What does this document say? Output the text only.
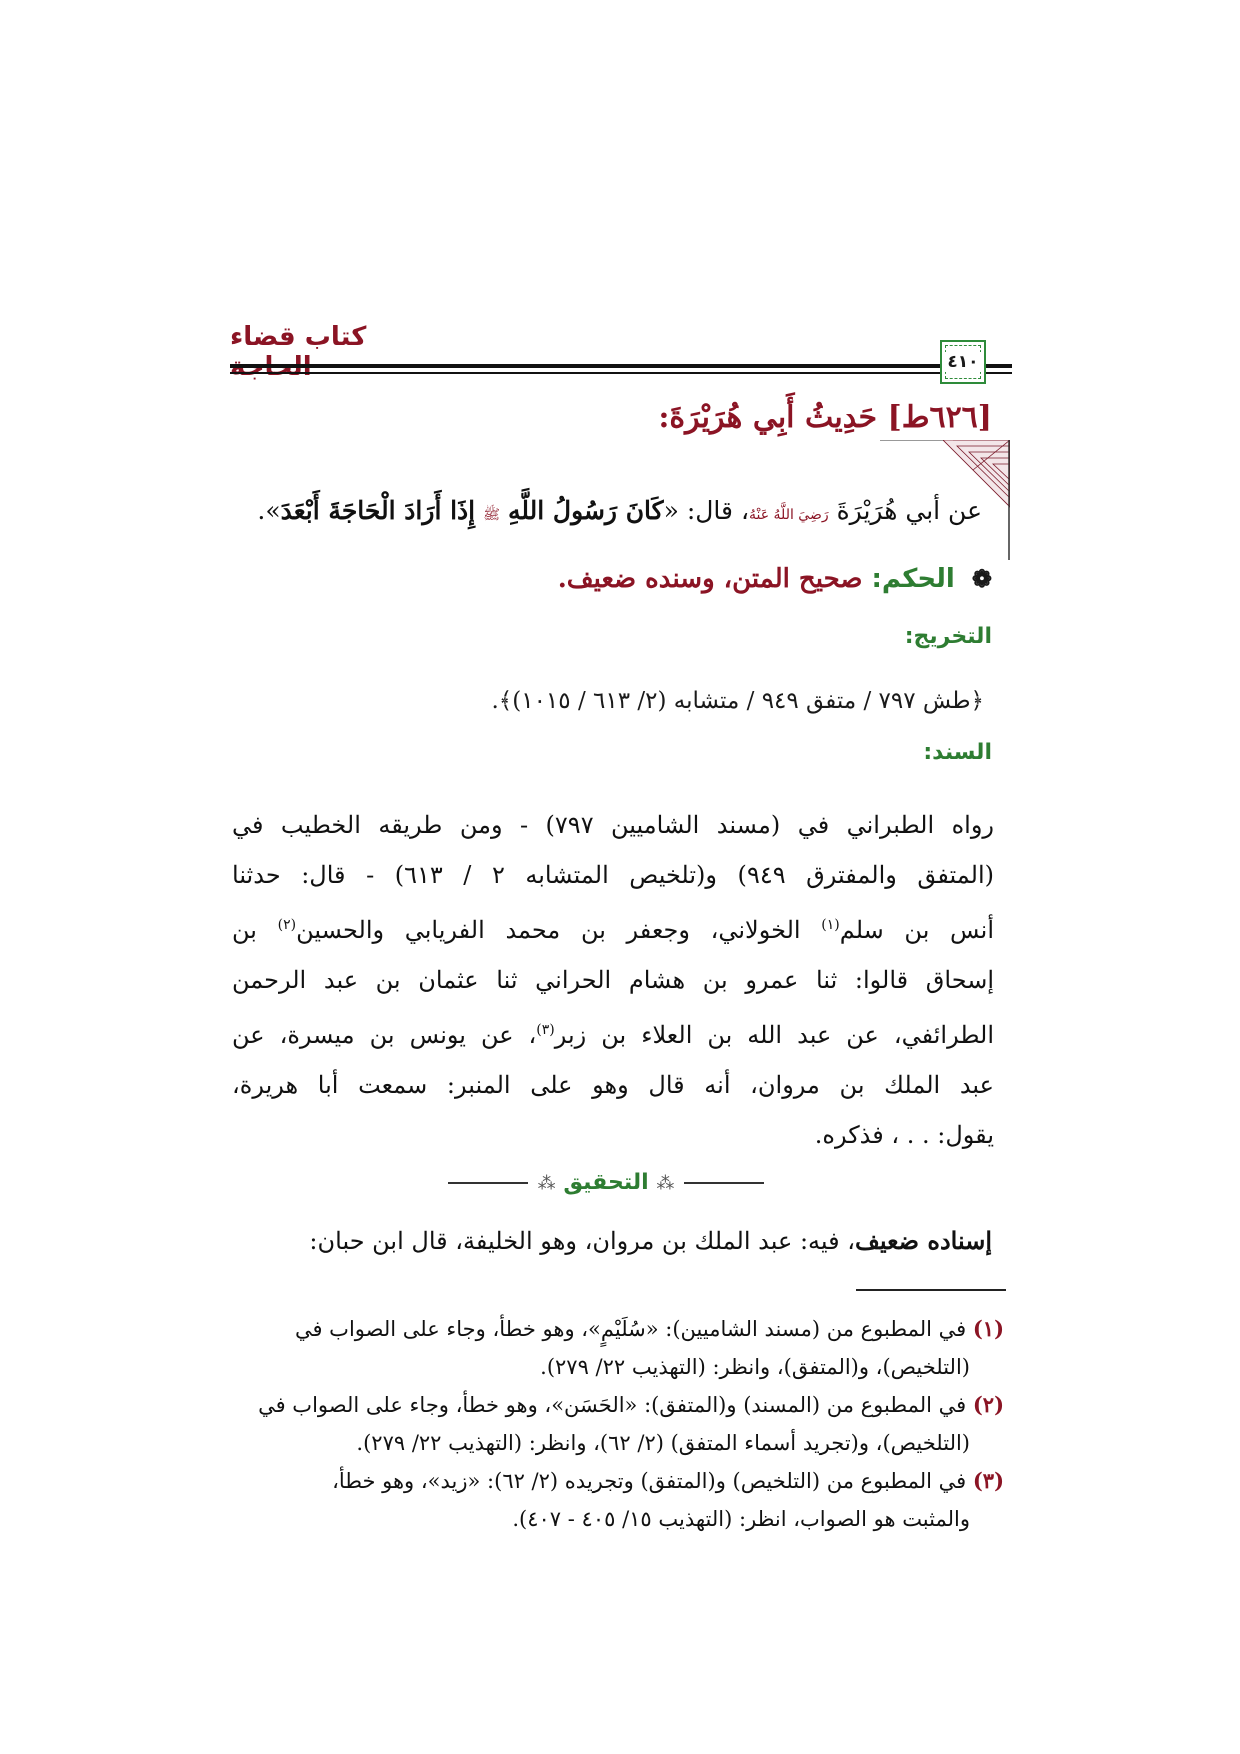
كتاب قضاء
٤١٠
[٦٢٦ط] حَدِيثُ أَبِي هُرَيْرَةَ:
عن أبي هُرَيْرَةَ رَضِيَ اللَّهُ عَنْهُ، قال: «كَانَ رَسُولُ اللَّهِ ﷺ إِذَا أَرَادَ الْحَاجَةَ أَبْعَدَ».
❁ الحكم: صحيح المتن، وسنده ضعيف.
التخريج:
﴿طش ٧٩٧ / متفق ٩٤٩ / متشابه (٢/ ٦١٣ / ١٠١٥)﴾.
السند:
رواه الطبراني في (مسند الشاميين ٧٩٧) - ومن طريقه الخطيب في
(المتفق والمفترق ٩٤٩) و(تلخيص المتشابه ٢ / ٦١٣) - قال: حدثنا
أنس بن سلم$^{(١)}$ الخولاني، وجعفر بن محمد الفريابي والحسين$^{(٢)}$ بن
إسحاق قالوا: ثنا عمرو بن هشام الحراني ثنا عثمان بن عبد الرحمن
الطرائفي، عن عبد الله بن العلاء بن زبر$^{(٣)}$، عن يونس بن ميسرة، عن
عبد الملك بن مروان، أنه قال وهو على المنبر: سمعت أبا هريرة،
يقول: . . ، فذكره.
⁂ التحقيق ⁂
إسناده ضعيف، فيه: عبد الملك بن مروان، وهو الخليفة، قال ابن حبان:
(١) في المطبوع من (مسند الشاميين): «سُلَيْمٍ»، وهو خطأ، وجاء على الصواب في
(التلخيص)، و(المتفق)، وانظر: (التهذيب ٢٢/ ٢٧٩).
(٢) في المطبوع من (المسند) و(المتفق): «الحَسَن»، وهو خطأ، وجاء على الصواب في
(التلخيص)، و(تجريد أسماء المتفق) (٢/ ٦٢)، وانظر: (التهذيب ٢٢/ ٢٧٩).
(٣) في المطبوع من (التلخيص) و(المتفق) وتجريده (٢/ ٦٢): «زيد»، وهو خطأ،
والمثبت هو الصواب، انظر: (التهذيب ١٥/ ٤٠٥ - ٤٠٧).
